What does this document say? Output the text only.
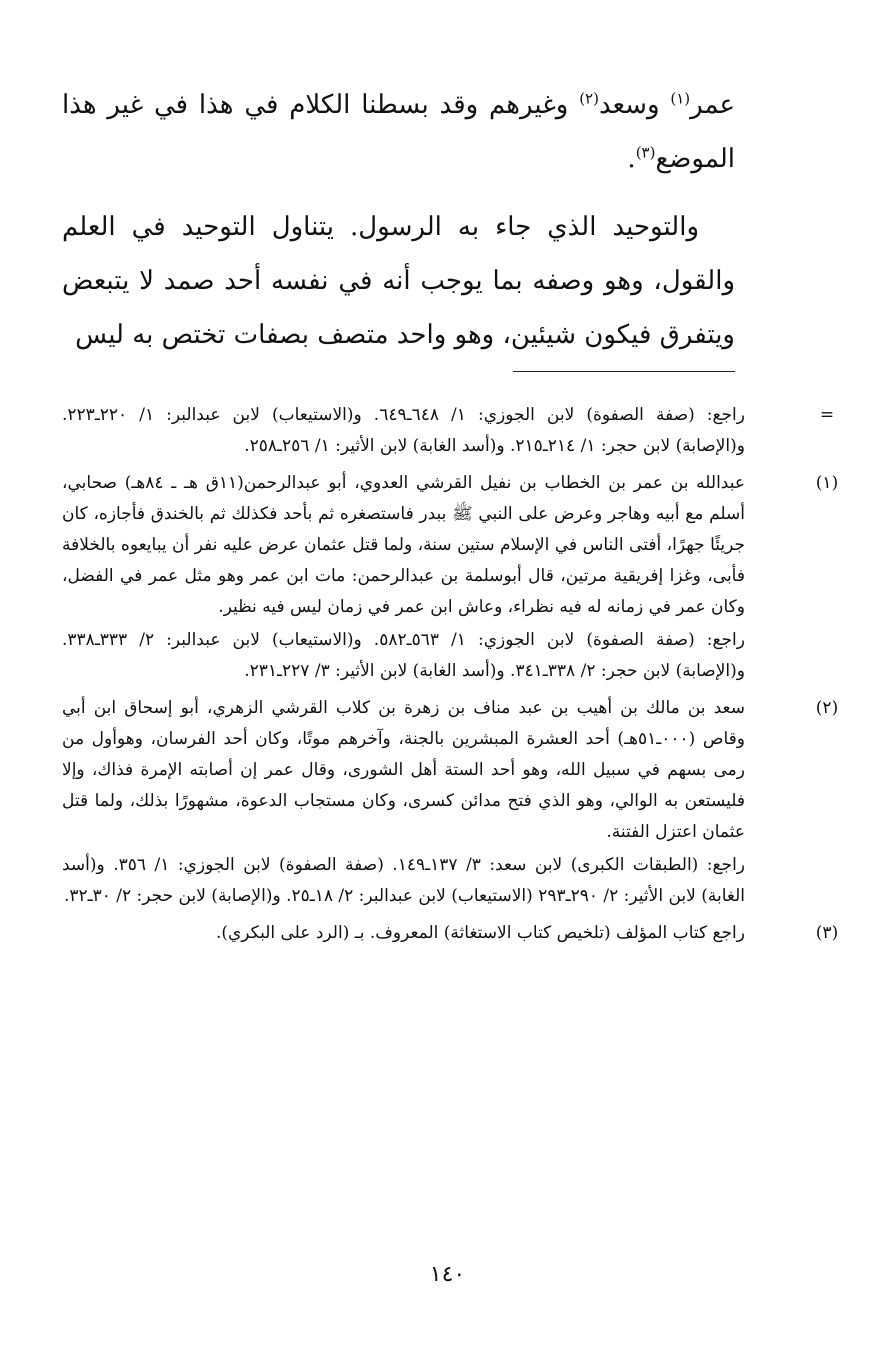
عمر$^{(١)}$ وسعد$^{(٢)}$ وغيرهم وقد بسطنا الكلام في هذا في غير هذا الموضع$^{(٣)}$.

والتوحيد الذي جاء به الرسول. يتناول التوحيد في العلم والقول، وهو وصفه بما يوجب أنه في نفسه أحد صمد لا يتبعض ويتفرق فيكون شيئين، وهو واحد متصف بصفات تختص به ليس

=
راجع: (صفة الصفوة) لابن الجوزي: ١/ ٦٤٨ـ٦٤٩. و(الاستيعاب) لابن عبدالبر: ١/ ٢٢٠ـ٢٢٣. و(الإصابة) لابن حجر: ١/ ٢١٤ـ٢١٥. و(أسد الغابة) لابن الأثير: ١/ ٢٥٦ـ٢٥٨.
(١)
عبدالله بن عمر بن الخطاب بن نفيل القرشي العدوي، أبو عبدالرحمن(١١ق هـ ـ ٨٤هـ) صحابي، أسلم مع أبيه وهاجر وعرض على النبي ﷺ ببدر فاستصغره ثم بأحد فكذلك ثم بالخندق فأجازه، كان جريئًا جهرًا، أفتى الناس في الإسلام ستين سنة، ولما قتل عثمان عرض عليه نفر أن يبايعوه بالخلافة فأبى، وغزا إفريقية مرتين، قال أبوسلمة بن عبدالرحمن: مات ابن عمر وهو مثل عمر في الفضل، وكان عمر في زمانه له فيه نظراء، وعاش ابن عمر في زمان ليس فيه نظير.
راجع: (صفة الصفوة) لابن الجوزي: ١/ ٥٦٣ـ٥٨٢. و(الاستيعاب) لابن عبدالبر: ٢/ ٣٣٣ـ٣٣٨. و(الإصابة) لابن حجر: ٢/ ٣٣٨ـ٣٤١. و(أسد الغابة) لابن الأثير: ٣/ ٢٢٧ـ٢٣١.
(٢)
سعد بن مالك بن أهيب بن عبد مناف بن زهرة بن كلاب القرشي الزهري، أبو إسحاق ابن أبي وقاص (٠٠٠ـ٥١هـ) أحد العشرة المبشرين بالجنة، وآخرهم موتًا، وكان أحد الفرسان، وهوأول من رمى بسهم في سبيل الله، وهو أحد الستة أهل الشورى، وقال عمر إن أصابته الإمرة فذاك، وإلا فليستعن به الوالي، وهو الذي فتح مدائن كسرى، وكان مستجاب الدعوة، مشهورًا بذلك، ولما قتل عثمان اعتزل الفتنة.
راجع: (الطبقات الكبرى) لابن سعد: ٣/ ١٣٧ـ١٤٩. (صفة الصفوة) لابن الجوزي: ١/ ٣٥٦. و(أسد الغابة) لابن الأثير: ٢/ ٢٩٠ـ٢٩٣ (الاستيعاب) لابن عبدالبر: ٢/ ١٨ـ٢٥. و(الإصابة) لابن حجر: ٢/ ٣٠ـ٣٢.
(٣)
راجع كتاب المؤلف (تلخيص كتاب الاستغاثة) المعروف. بـ (الرد على البكري).
١٤٠
